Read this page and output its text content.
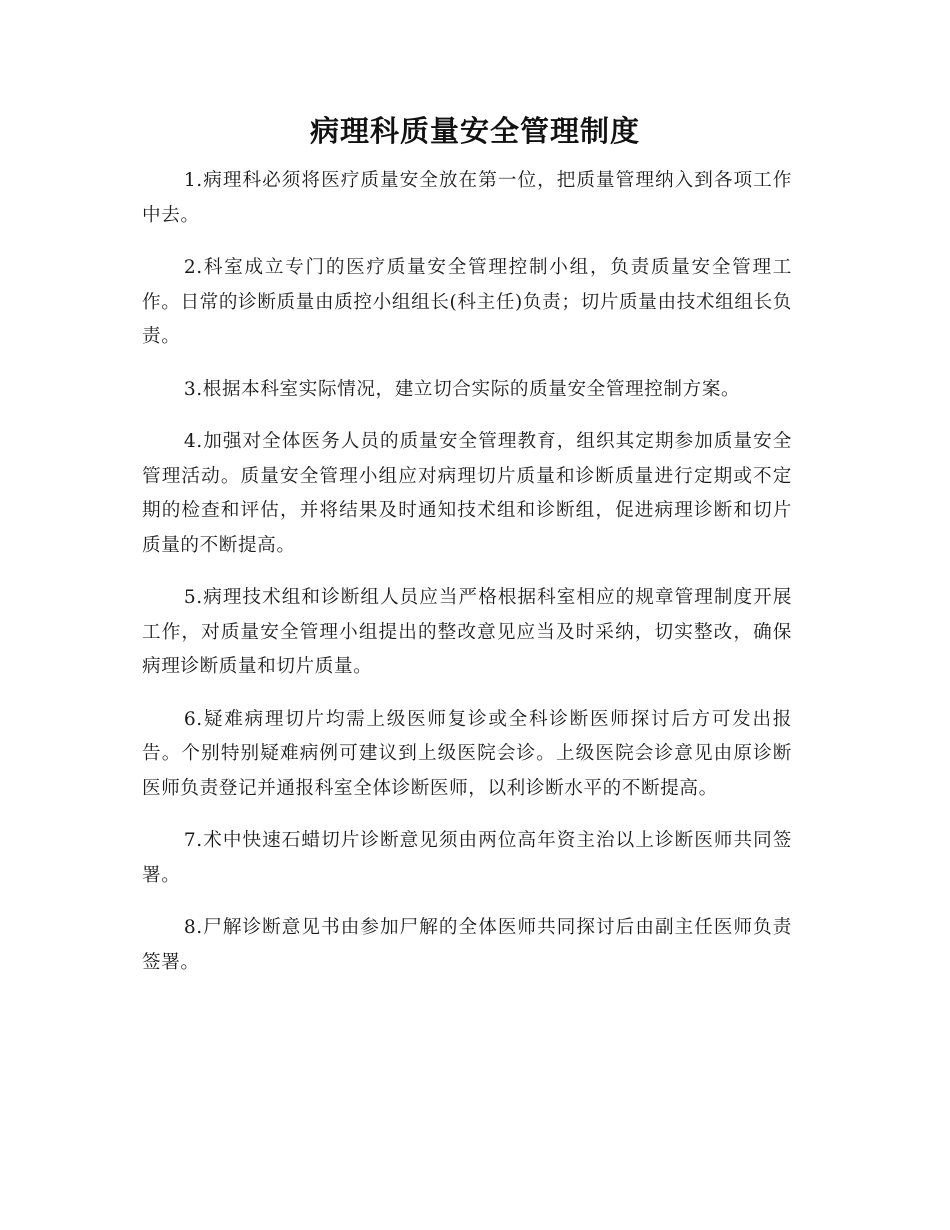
病理科质量安全管理制度

1.病理科必须将医疗质量安全放在第一位，把质量管理纳入到各项工作中去。

2.科室成立专门的医疗质量安全管理控制小组，负责质量安全管理工作。日常的诊断质量由质控小组组长(科主任)负责；切片质量由技术组组长负责。

3.根据本科室实际情况，建立切合实际的质量安全管理控制方案。

4.加强对全体医务人员的质量安全管理教育，组织其定期参加质量安全管理活动。质量安全管理小组应对病理切片质量和诊断质量进行定期或不定期的检查和评估，并将结果及时通知技术组和诊断组，促进病理诊断和切片质量的不断提高。

5.病理技术组和诊断组人员应当严格根据科室相应的规章管理制度开展工作，对质量安全管理小组提出的整改意见应当及时采纳，切实整改，确保病理诊断质量和切片质量。

6.疑难病理切片均需上级医师复诊或全科诊断医师探讨后方可发出报告。个别特别疑难病例可建议到上级医院会诊。上级医院会诊意见由原诊断医师负责登记并通报科室全体诊断医师，以利诊断水平的不断提高。

7.术中快速石蜡切片诊断意见须由两位高年资主治以上诊断医师共同签署。

8.尸解诊断意见书由参加尸解的全体医师共同探讨后由副主任医师负责签署。
